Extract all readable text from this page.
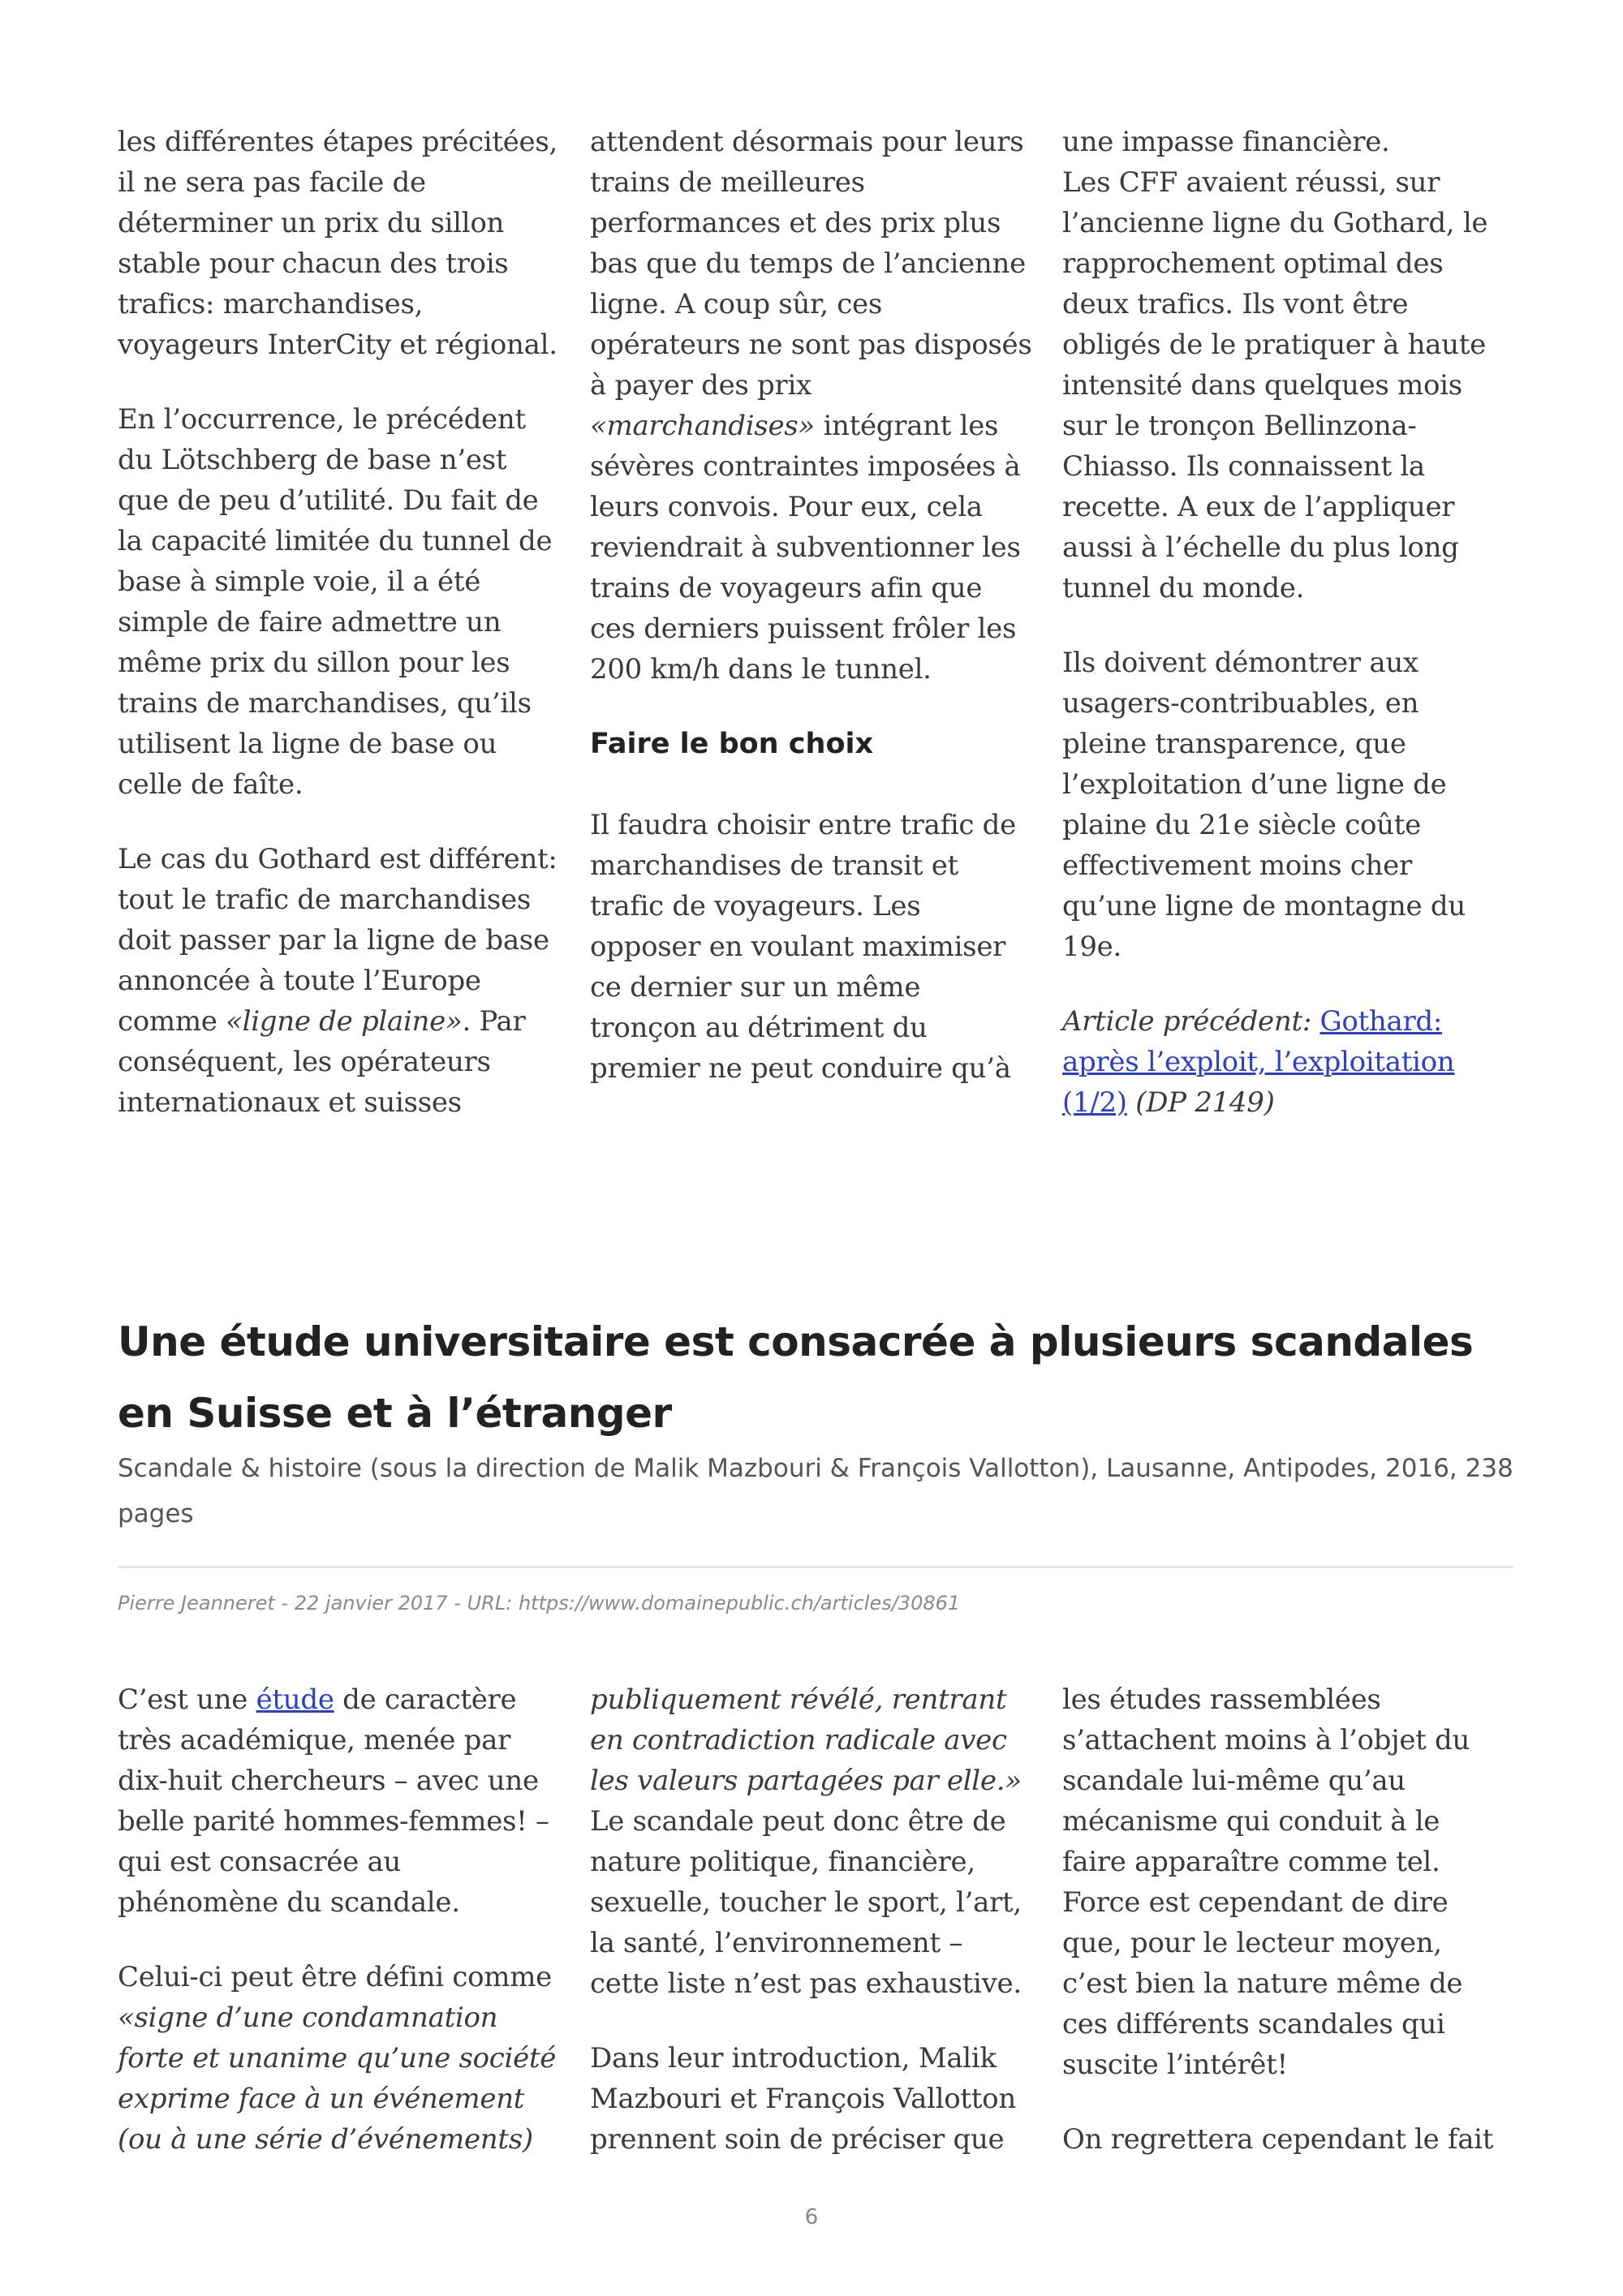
les différentes étapes précitées, il ne sera pas facile de déterminer un prix du sillon stable pour chacun des trois trafics: marchandises, voyageurs InterCity et régional.

En l’occurrence, le précédent du Lötschberg de base n’est que de peu d’utilité. Du fait de la capacité limitée du tunnel de base à simple voie, il a été simple de faire admettre un même prix du sillon pour les trains de marchandises, qu’ils utilisent la ligne de base ou celle de faîte.

Le cas du Gothard est différent: tout le trafic de marchandises doit passer par la ligne de base annoncée à toute l’Europe comme «ligne de plaine». Par conséquent, les opérateurs internationaux et suisses

attendent désormais pour leurs trains de meilleures performances et des prix plus bas que du temps de l’ancienne ligne. A coup sûr, ces opérateurs ne sont pas disposés à payer des prix «marchandises» intégrant les sévères contraintes imposées à leurs convois. Pour eux, cela reviendrait à subventionner les trains de voyageurs afin que ces derniers puissent frôler les 200 km/h dans le tunnel.

Faire le bon choix

Il faudra choisir entre trafic de marchandises de transit et trafic de voyageurs. Les opposer en voulant maximiser ce dernier sur un même tronçon au détriment du premier ne peut conduire qu’à

une impasse financière.

Les CFF avaient réussi, sur l’ancienne ligne du Gothard, le rapprochement optimal des deux trafics. Ils vont être obligés de le pratiquer à haute intensité dans quelques mois sur le tronçon Bellinzona-Chiasso. Ils connaissent la recette. A eux de l’appliquer aussi à l’échelle du plus long tunnel du monde.

Ils doivent démontrer aux usagers-contribuables, en pleine transparence, que l’exploitation d’une ligne de plaine du 21e siècle coûte effectivement moins cher qu’une ligne de montagne du 19e.

Article précédent: Gothard: après l’exploit, l’exploitation (1/2) (DP 2149)

Une étude universitaire est consacrée à plusieurs scandales en Suisse et à l’étranger

Scandale & histoire (sous la direction de Malik Mazbouri & François Vallotton), Lausanne, Antipodes, 2016, 238 pages

Pierre Jeanneret - 22 janvier 2017 - URL: https://www.domainepublic.ch/articles/30861

C’est une étude de caractère très académique, menée par dix-huit chercheurs – avec une belle parité hommes-femmes! – qui est consacrée au phénomène du scandale.

Celui-ci peut être défini comme «signe d’une condamnation forte et unanime qu’une société exprime face à un événement (ou à une série d’événements)

publiquement révélé, rentrant en contradiction radicale avec les valeurs partagées par elle.» Le scandale peut donc être de nature politique, financière, sexuelle, toucher le sport, l’art, la santé, l’environnement – cette liste n’est pas exhaustive.

Dans leur introduction, Malik Mazbouri et François Vallotton prennent soin de préciser que

les études rassemblées s’attachent moins à l’objet du scandale lui-même qu’au mécanisme qui conduit à le faire apparaître comme tel. Force est cependant de dire que, pour le lecteur moyen, c’est bien la nature même de ces différents scandales qui suscite l’intérêt!

On regrettera cependant le fait

6
